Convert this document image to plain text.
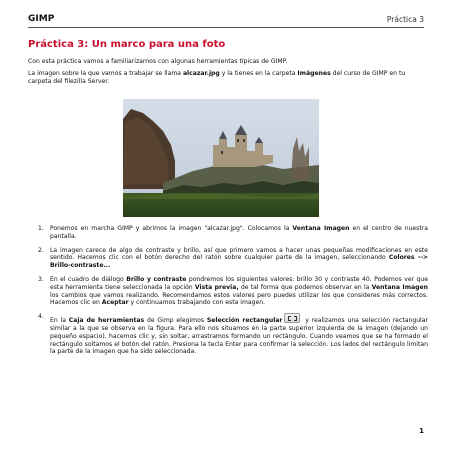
GIMP	Práctica 3
Práctica 3: Un marco para una foto
Con esta práctica vamos a familiarizarnos con algunas herramientas típicas de GIMP.
La imagen sobre la que vamos a trabajar se llama alcazar.jpg y la tienes en la carpeta Imágenes del curso de GIMP en tu carpeta del filezilla Server.
1. Ponemos en marcha GIMP y abrimos la imagen "alcazar.jpg". Colocamos la Ventana Imagen en el centro de nuestra pantalla.
2. La imagen carece de algo de contraste y brillo, así que primero vamos a hacer unas pequeñas modificaciones en este sentido. Hacemos clic con el botón derecho del ratón sobre cualquier parte de la imagen, seleccionando Colores --> Brillo-contraste...
3. En el cuadro de diálogo Brillo y contraste pondremos los siguientes valores: brillo 30 y contraste 40. Podemos ver que esta herramienta tiene seleccionada la opción Vista previa, de tal forma que podemos observar en la Ventana Imagen los cambios que vamos realizando. Recomendamos estos valores pero puedes utilizar los que consideres más correctos. Hacemos clic en Aceptar y continuamos trabajando con esta imagen.
4.
En la Caja de herramientas de Gimp elegimos Selección rectangular	y realizamos una selección rectangular similar a la que se observa en la figura. Para ello nos situamos en la parte superior izquierda de la imagen (dejando un pequeño espacio), hacemos clic y, sin soltar, arrastramos formando un rectángulo. Cuando veamos que se ha formado el rectángulo soltamos el botón del ratón. Presiona la tecla Enter para confirmar la selección. Los lados del rectángulo limitan la parte de la imagen que ha sido seleccionada.
1
